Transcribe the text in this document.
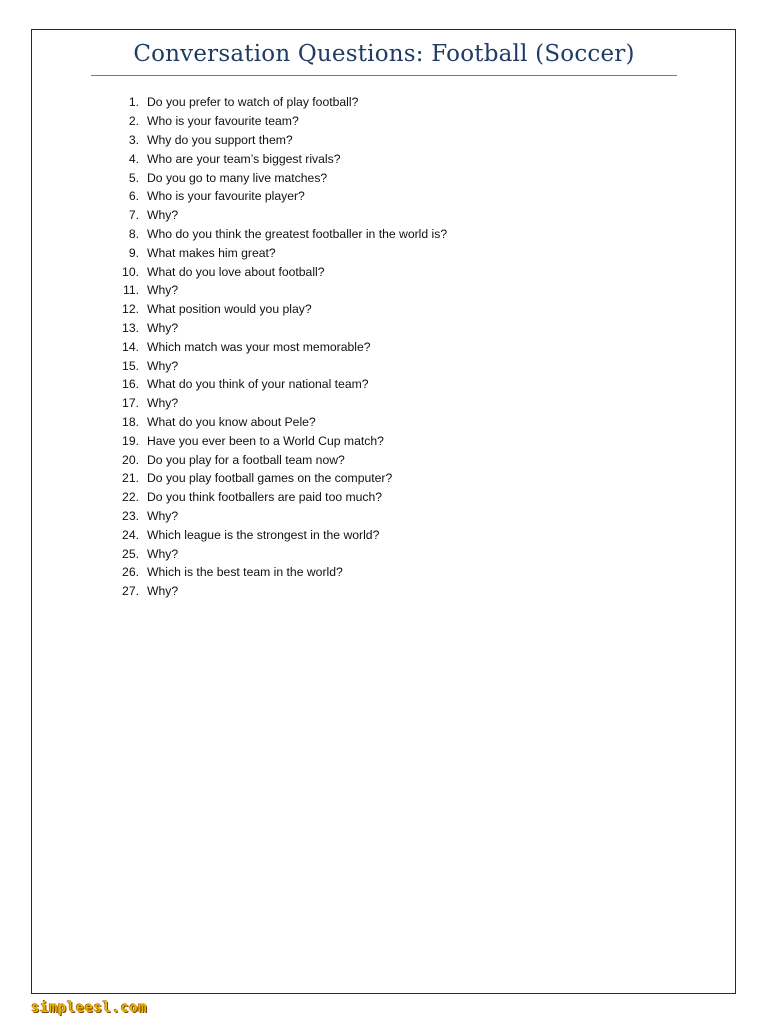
Conversation Questions: Football (Soccer)
1. Do you prefer to watch of play football?
2. Who is your favourite team?
3. Why do you support them?
4. Who are your team’s biggest rivals?
5. Do you go to many live matches?
6. Who is your favourite player?
7. Why?
8. Who do you think the greatest footballer in the world is?
9. What makes him great?
10. What do you love about football?
11. Why?
12. What position would you play?
13. Why?
14. Which match was your most memorable?
15. Why?
16. What do you think of your national team?
17. Why?
18. What do you know about Pele?
19. Have you ever been to a World Cup match?
20. Do you play for a football team now?
21. Do you play football games on the computer?
22. Do you think footballers are paid too much?
23. Why?
24. Which league is the strongest in the world?
25. Why?
26. Which is the best team in the world?
27. Why?
simpleesl.com
